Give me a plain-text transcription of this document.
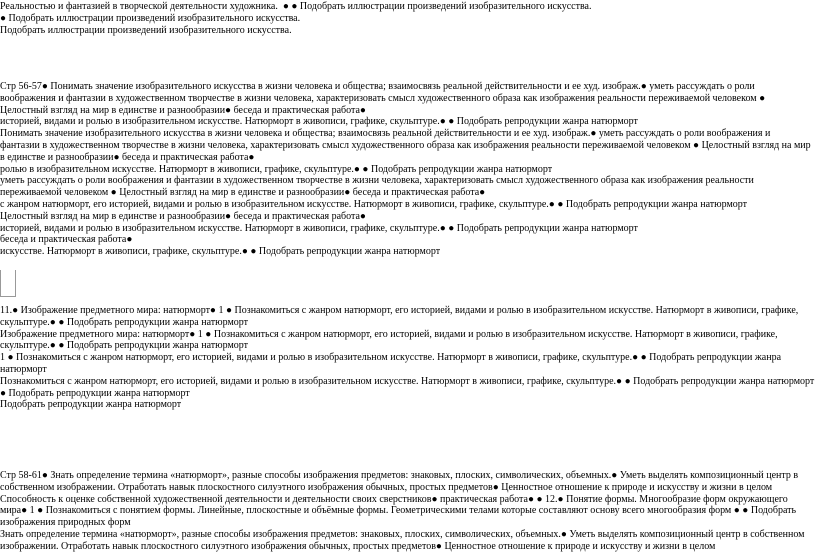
Реальностью и фантазией в творческой деятельности художника.  ● ● Подобрать иллюстрации произведений изобразительного искусства.
● Подобрать иллюстрации произведений изобразительного искусства.
Подобрать иллюстрации произведений изобразительного искусства.
Стр 56-57● Понимать значение изобразительного искусства в жизни человека и общества; взаимосвязь реальной действительности и ее худ. изображ.● уметь рассуждать о роли воображения и фантазии в художественном творчестве в жизни человека, характеризовать смысл художественного образа как изображения реальности переживаемой человеком ● Целостный взгляд на мир в единстве и разнообразии● беседа и практическая работа●
историей, видами и ролью в изобразительном искусстве. Натюрморт в живописи, графике, скульптуре.● ● Подобрать репродукции жанра натюрморт
Понимать значение изобразительного искусства в жизни человека и общества; взаимосвязь реальной действительности и ее худ. изображ.● уметь рассуждать о роли воображения и фантазии в художественном творчестве в жизни человека, характеризовать смысл художественного образа как изображения реальности переживаемой человеком ● Целостный взгляд на мир в единстве и разнообразии● беседа и практическая работа●
ролью в изобразительном искусстве. Натюрморт в живописи, графике, скульптуре.● ● Подобрать репродукции жанра натюрморт
уметь рассуждать о роли воображения и фантазии в художественном творчестве в жизни человека, характеризовать смысл художественного образа как изображения реальности переживаемой человеком ● Целостный взгляд на мир в единстве и разнообразии● беседа и практическая работа●
с жанром натюрморт, его историей, видами и ролью в изобразительном искусстве. Натюрморт в живописи, графике, скульптуре.● ● Подобрать репродукции жанра натюрморт
Целостный взгляд на мир в единстве и разнообразии● беседа и практическая работа●
историей, видами и ролью в изобразительном искусстве. Натюрморт в живописи, графике, скульптуре.● ● Подобрать репродукции жанра натюрморт
беседа и практическая работа●
искусстве. Натюрморт в живописи, графике, скульптуре.● ● Подобрать репродукции жанра натюрморт
11.● Изображение предметного мира: натюрморт● 1 ● Познакомиться с жанром натюрморт, его историей, видами и ролью в изобразительном искусстве. Натюрморт в живописи, графике, скульптуре.● ● Подобрать репродукции жанра натюрморт
Изображение предметного мира: натюрморт● 1 ● Познакомиться с жанром натюрморт, его историей, видами и ролью в изобразительном искусстве. Натюрморт в живописи, графике, скульптуре.● ● Подобрать репродукции жанра натюрморт
1 ● Познакомиться с жанром натюрморт, его историей, видами и ролью в изобразительном искусстве. Натюрморт в живописи, графике, скульптуре.● ● Подобрать репродукции жанра натюрморт
Познакомиться с жанром натюрморт, его историей, видами и ролью в изобразительном искусстве. Натюрморт в живописи, графике, скульптуре.● ● Подобрать репродукции жанра натюрморт
● Подобрать репродукции жанра натюрморт
Подобрать репродукции жанра натюрморт
Стр 58-61● Знать определение термина «натюрморт», разные способы изображения предметов: знаковых, плоских, символических, объемных.● Уметь выделять композиционный центр в собственном изображении. Отработать навык плоскостного силуэтного изображения обычных, простых предметов● Ценностное отношение к природе и искусству и жизни в целом Способность к оценке собственной художественной деятельности и деятельности своих сверстников● практическая работа● ● 12.● Понятие формы. Многообразие форм окружающего мира● 1 ● Познакомиться с понятием формы. Линейные, плоскостные и объёмные формы. Геометрическими телами которые составляют основу всего многообразия форм ● ● Подобрать изображения природных форм
Знать определение термина «натюрморт», разные способы изображения предметов: знаковых, плоских, символических, объемных.● Уметь выделять композиционный центр в собственном изображении. Отработать навык плоскостного силуэтного изображения обычных, простых предметов● Ценностное отношение к природе и искусству и жизни в целом
